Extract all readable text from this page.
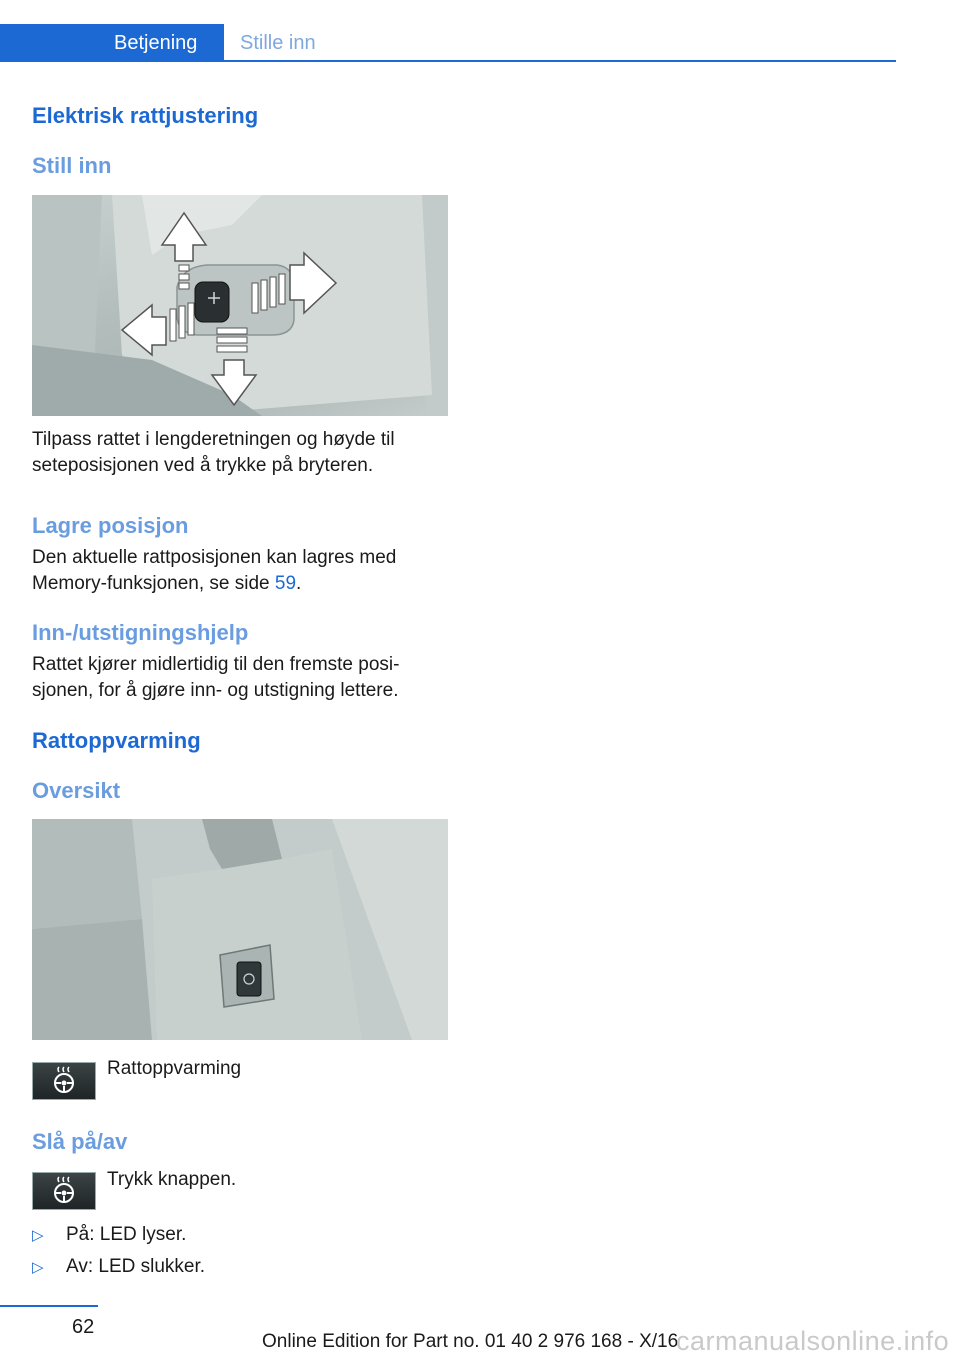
Betjening	Stille inn
Elektrisk rattjustering
Still inn
Tilpass rattet i lengderetningen og høyde til seteposisjonen ved å trykke på bryteren.
Lagre posisjon
Den aktuelle rattposisjonen kan lagres med Memory-funksjonen, se side 59.
Inn-/utstigningshjelp
Rattet kjører midlertidig til den fremste posi‐ sjonen, for å gjøre inn- og utstigning lettere.
Rattoppvarming
Oversikt
Rattoppvarming
Slå på/av
Trykk knappen.
▷ På: LED lyser.
▷ Av: LED slukker.
62
Online Edition for Part no. 01 40 2 976 168 - X/16
carmanualsonline.info
